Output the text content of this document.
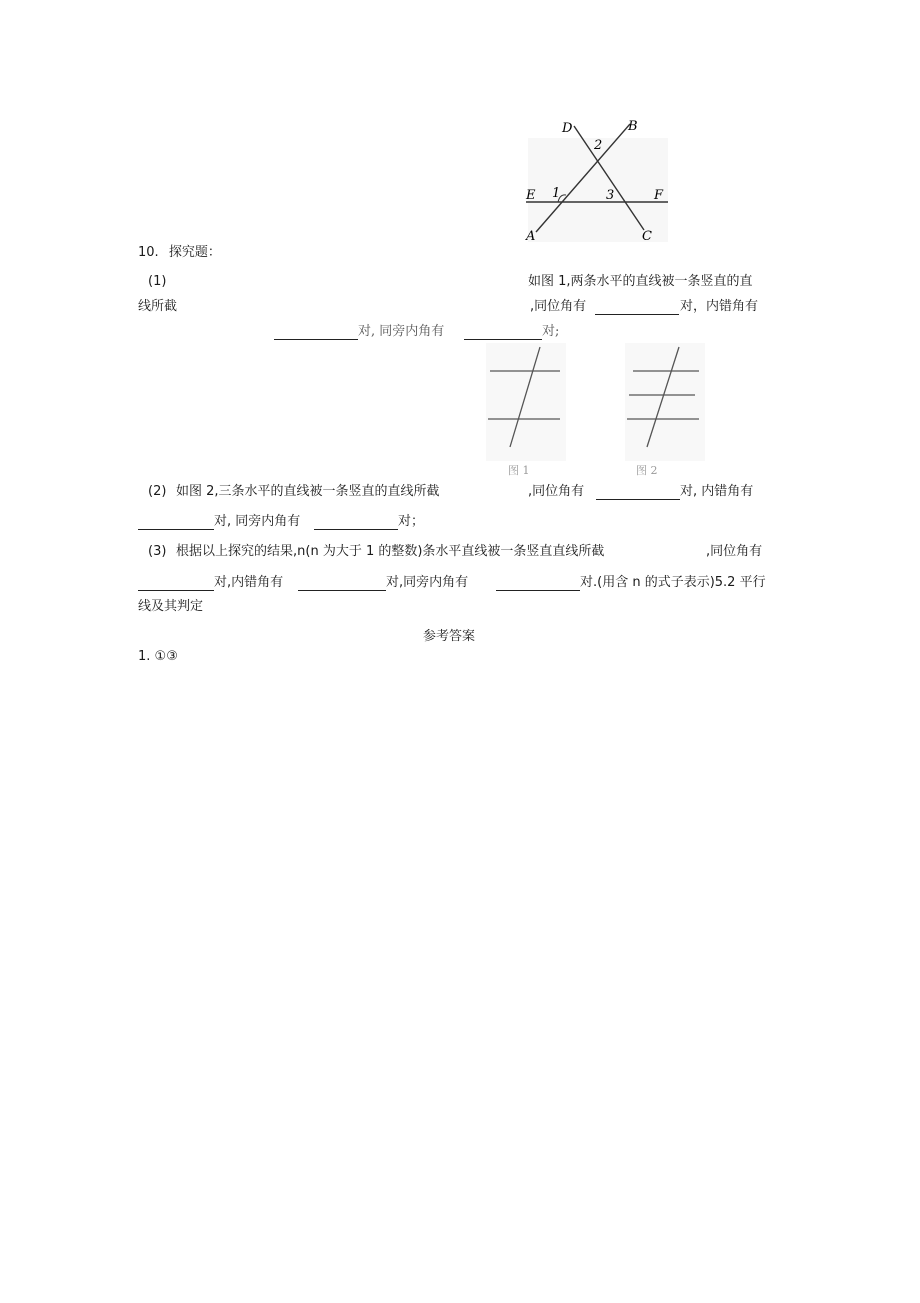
D	B
2
E 1	3	F
A	C
10. 探究题：
(1)	如图 1,两条水平的直线被一条竖直的直
线所截	,同位角有	对，内错角有
对, 同旁内角有	对;
图 1	图 2
(2) 如图 2,三条水平的直线被一条竖直的直线所截	,同位角有	对, 内错角有
对, 同旁内角有	对；
(3) 根据以上探究的结果,n(n 为大于 1 的整数)条水平直线被一条竖直直线所截	,同位角有
对,内错角有	对,同旁内角有	对.(用含 n 的式子表示)5.2 平行
线及其判定
参考答案
1. ①③
